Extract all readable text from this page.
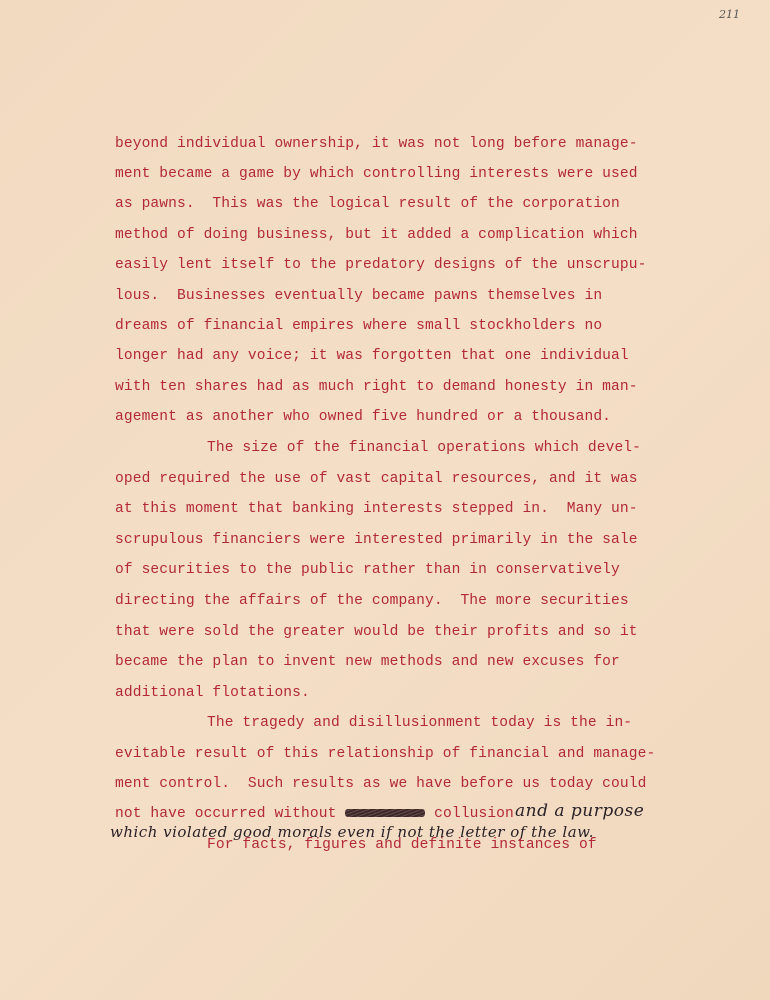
211
beyond individual ownership, it was not long before manage-
ment became a game by which controlling interests were used
as pawns.  This was the logical result of the corporation
method of doing business, but it added a complication which
easily lent itself to the predatory designs of the unscrupu-
lous.  Businesses eventually became pawns themselves in
dreams of financial empires where small stockholders no
longer had any voice; it was forgotten that one individual
with ten shares had as much right to demand honesty in man-
agement as another who owned five hundred or a thousand.
The size of the financial operations which devel-
oped required the use of vast capital resources, and it was
at this moment that banking interests stepped in.  Many un-
scrupulous financiers were interested primarily in the sale
of securities to the public rather than in conservatively
directing the affairs of the company.  The more securities
that were sold the greater would be their profits and so it
became the plan to invent new methods and new excuses for
additional flotations.
The tragedy and disillusionment today is the in-
evitable result of this relationship of financial and manage-
ment control.  Such results as we have before us today could
not have occurred without	collusion and a purpose
which violated good morals even if not the letter of the law.
For facts, figures and definite instances of
